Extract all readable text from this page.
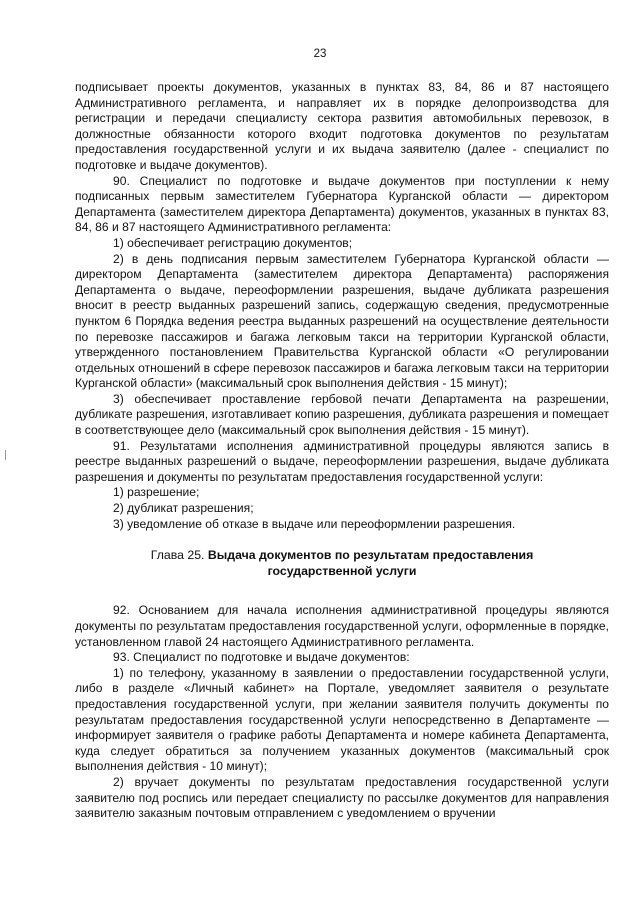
23

подписывает проекты документов, указанных в пунктах 83, 84, 86 и 87 настоящего Административного регламента, и направляет их в порядке делопроизводства для регистрации и передачи специалисту сектора развития автомобильных перевозок, в должностные обязанности которого входит подготовка документов по результатам предоставления государственной услуги и их выдача заявителю (далее - специалист по подготовке и выдаче документов).

90. Специалист по подготовке и выдаче документов при поступлении к нему подписанных первым заместителем Губернатора Курганской области — директором Департамента (заместителем директора Департамента) документов, указанных в пунктах 83, 84, 86 и 87 настоящего Административного регламента:

1) обеспечивает регистрацию документов;

2) в день подписания первым заместителем Губернатора Курганской области — директором Департамента (заместителем директора Департамента) распоряжения Департамента о выдаче, переоформлении разрешения, выдаче дубликата разрешения вносит в реестр выданных разрешений запись, содержащую сведения, предусмотренные пунктом 6 Порядка ведения реестра выданных разрешений на осуществление деятельности по перевозке пассажиров и багажа легковым такси на территории Курганской области, утвержденного постановлением Правительства Курганской области «О регулировании отдельных отношений в сфере перевозок пассажиров и багажа легковым такси на территории Курганской области» (максимальный срок выполнения действия - 15 минут);

3) обеспечивает проставление гербовой печати Департамента на разрешении, дубликате разрешения, изготавливает копию разрешения, дубликата разрешения и помещает в соответствующее дело (максимальный срок выполнения действия - 15 минут).

91. Результатами исполнения административной процедуры являются запись в реестре выданных разрешений о выдаче, переоформлении разрешения, выдаче дубликата разрешения и документы по результатам предоставления государственной услуги:

1) разрешение;

2) дубликат разрешения;

3) уведомление об отказе в выдаче или переоформлении разрешения.

Глава 25. Выдача документов по результатам предоставления
государственной услуги

92. Основанием для начала исполнения административной процедуры являются документы по результатам предоставления государственной услуги, оформленные в порядке, установленном главой 24 настоящего Административного регламента.

93. Специалист по подготовке и выдаче документов:

1) по телефону, указанному в заявлении о предоставлении государственной услуги, либо в разделе «Личный кабинет» на Портале, уведомляет заявителя о результате предоставления государственной услуги, при желании заявителя получить документы по результатам предоставления государственной услуги непосредственно в Департаменте — информирует заявителя о графике работы Департамента и номере кабинета Департамента, куда следует обратиться за получением указанных документов (максимальный срок выполнения действия - 10 минут);

2) вручает документы по результатам предоставления государственной услуги заявителю под роспись или передает специалисту по рассылке документов для направления заявителю заказным почтовым отправлением с уведомлением о вручении
